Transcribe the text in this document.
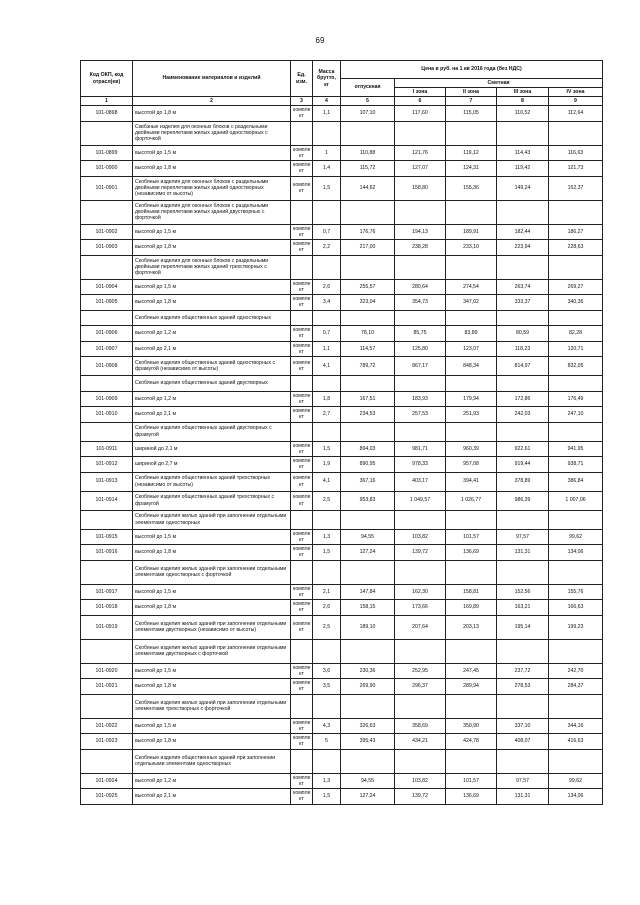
69
Код ОКП, код отрасл(ев)	Наименование материалов и изделий	Ед. изм.	Масса брутто, кг	Цена в руб. на 1 кв 2016 года (без НДС)				
				отпускная	Сметная			
					I зона	II зона	III зона	IV зона
1	2	3	4	5	6	7	8	9
101-0898	высотой до 1,8 м	компле кт	1,1	107,10	117,60	115,05	110,52	112,64
	Сквбзные изделия для оконных блоков с раздельными двойными переплетами жилых зданий одностворных с форточкой							
101-0899	высотой до 1,5 м	компле кт	1	110,88	121,76	119,12	114,43	116,63
101-0900	высотой до 1,8 м	компле кт	1,4	115,72	127,07	124,31	119,42	121,73
101-0901	Скобяные изделия для оконных блоков с раздельными двойными переплетами жилых зданий одностворных (независимо от высоты)	компле кт	1,5	144,62	158,80	155,36	149,24	152,37
	Скобяные изделия для оконных блоков с раздельными двойными переплетами жилых зданий двустворных с форточкой							
101-0902	высотой до 1,5 м	компле кт	0,7	176,76	194,13	189,91	182,44	186,27
101-0903	высотой до 1,8 м	компле кт	2,2	217,00	238,28	233,10	223,94	228,63
	Скобяные изделия для оконных блоков с раздельными двойными переплетами жилых зданий трехстворных с форточкой							
101-0904	высотой до 1,5 м	компле кт	2,6	255,57	280,64	274,54	263,74	269,27
101-0905	высотой до 1,8 м	компле кт	3,4	323,04	354,73	347,02	333,37	340,36
	Скобяные изделия общественных зданий одностворных							
101-0906	высотой до 1,2 м	компле кт	0,7	78,10	85,75	83,89	80,59	82,28
101-0907	высотой до 2,1 м	компле кт	1,1	114,57	125,80	123,07	118,23	120,71
101-0908	Скобяные изделия общественных зданий одностворных с фрамугой (независимо от высоты)	компле кт	4,1	789,72	867,17	848,34	814,97	832,05
	Скобяные изделия общественных зданий двустворных							
101-0909	высотой до 1,2 м	компле кт	1,8	167,51	183,93	179,94	172,86	176,49
101-0910	высотой до 2,1 м	компле кт	2,7	234,53	257,53	251,93	242,03	247,10
	Скобяные изделия общественных зданий двустворных с фрамугой							
101-0911	шириной до 2,1 м	компле кт	1,5	894,03	981,71	960,39	922,61	941,95
101-0912	шириной до 2,7 м	компле кт	1,9	890,95	978,33	957,08	919,44	938,71
101-0913	Скобяные изделия общественных зданий трехстворных (независимо от высоты)	компле кт	4,1	367,16	403,17	394,41	378,89	386,84
101-0914	Скобяные изделия общественных зданий трехстворных с фрамугой	компле кт	2,5	953,83	1 049,57	1 026,77	986,39	1 007,06
	Скобяные изделия жилых зданий при заполнении отдельными элементами одностворных							
101-0915	высотой до 1,5 м	компле кт	1,3	94,55	103,82	101,57	97,57	99,62
101-0916	высотой до 1,8 м	компле кт	1,5	127,24	139,72	136,69	131,31	134,06
	Скобяные изделия жилых зданий при заполнении отдельными элементами одностворных с форточкой							
101-0917	высотой до 1,5 м	компле кт	2,1	147,84	162,30	158,81	152,56	155,76
101-0918	высотой до 1,8 м	компле кт	2,6	158,15	173,66	169,89	163,21	166,63
101-0919	Скобяные изделия жилых зданий при заполнении отдельными элементами двустворных (независимо от высоты)	компле кт	2,5	189,10	207,64	203,13	195,14	199,23
	Скобяные изделия жилых зданий при заполнении отдельными элементами двустворных с форточкой							
101-0920	высотой до 1,5 м	компле кт	3,6	230,36	252,95	247,45	237,72	242,70
101-0921	высотой до 1,8 м	компле кт	3,5	269,90	296,37	289,94	278,53	284,37
	Скобяные изделия жилых зданий при заполнении отдельными элементами трехстворных с форточкой							
101-0922	высотой до 1,5 м	компле кт	4,3	326,63	358,69	350,90	337,10	344,16
101-0923	высотой до 1,8 м	компле кт	5	395,43	434,21	424,78	408,07	416,63
	Скобяные изделия общественных зданий при заполнении отдельными элементами одностворных							
101-0924	высотой до 1,2 м	компле кт	1,3	94,55	103,82	101,57	97,57	99,62
101-0925	высотой до 2,1 м	компле кт	1,5	127,24	139,72	136,69	131,31	134,06
